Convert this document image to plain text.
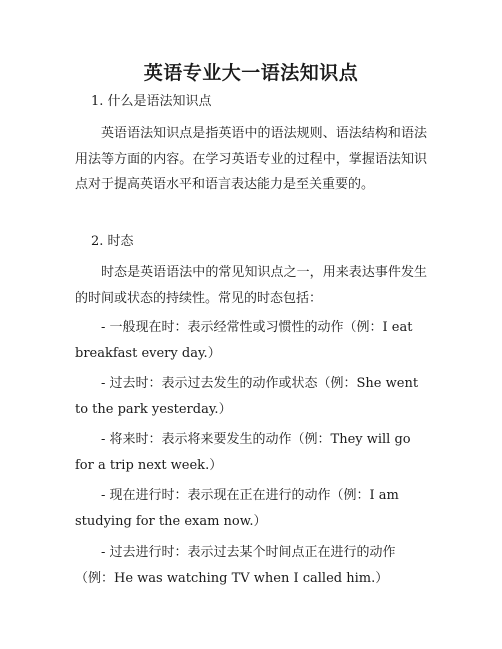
英语专业大一语法知识点
1. 什么是语法知识点
英语语法知识点是指英语中的语法规则、语法结构和语法用法等方面的内容。在学习英语专业的过程中，掌握语法知识点对于提高英语水平和语言表达能力是至关重要的。
2. 时态
时态是英语语法中的常见知识点之一，用来表达事件发生的时间或状态的持续性。常见的时态包括：
- 一般现在时：表示经常性或习惯性的动作（例：I eat breakfast every day.）
- 过去时：表示过去发生的动作或状态（例：She went to the park yesterday.）
- 将来时：表示将来要发生的动作（例：They will go for a trip next week.）
- 现在进行时：表示现在正在进行的动作（例：I am studying for the exam now.）
- 过去进行时：表示过去某个时间点正在进行的动作（例：He was watching TV when I called him.）
